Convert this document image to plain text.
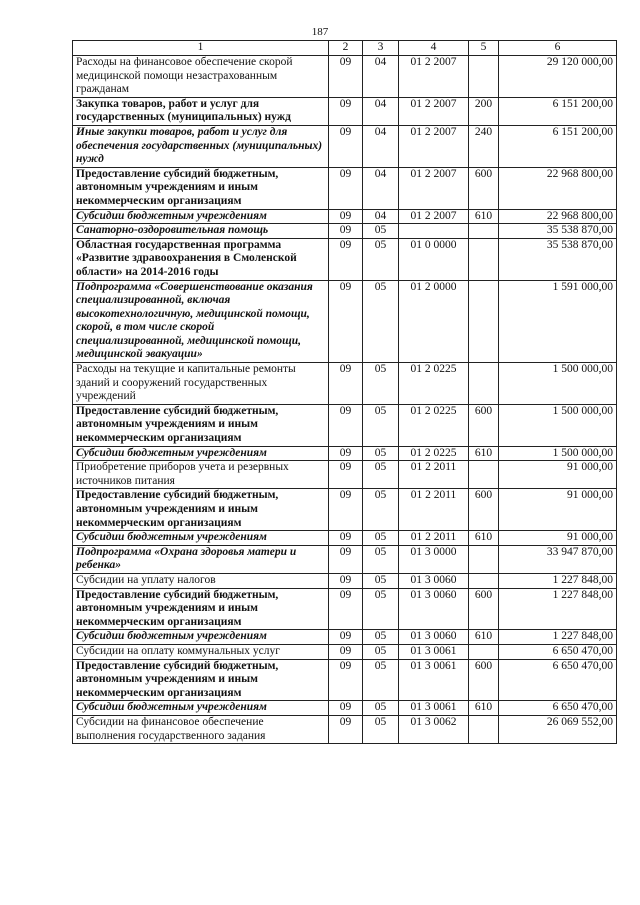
187
1	2	3	4	5	6
Расходы на финансовое обеспечение скорой медицинской помощи незастрахованным гражданам	09	04	01 2 2007		29 120 000,00
Закупка товаров, работ и услуг для государственных (муниципальных) нужд	09	04	01 2 2007	200	6 151 200,00
Иные закупки товаров, работ и услуг для обеспечения государственных (муниципальных) нужд	09	04	01 2 2007	240	6 151 200,00
Предоставление субсидий бюджетным, автономным учреждениям и иным некоммерческим организациям	09	04	01 2 2007	600	22 968 800,00
Субсидии бюджетным учреждениям	09	04	01 2 2007	610	22 968 800,00
Санаторно-оздоровительная помощь	09	05			35 538 870,00
Областная государственная программа «Развитие здравоохранения в Смоленской области» на 2014-2016 годы	09	05	01 0 0000		35 538 870,00
Подпрограмма «Совершенствование оказания специализированной, включая высокотехнологичную, медицинской помощи, скорой, в том числе скорой специализированной, медицинской помощи, медицинской эвакуации»	09	05	01 2 0000		1 591 000,00
Расходы на текущие и капитальные ремонты зданий и сооружений государственных учреждений	09	05	01 2 0225		1 500 000,00
Предоставление субсидий бюджетным, автономным учреждениям и иным некоммерческим организациям	09	05	01 2 0225	600	1 500 000,00
Субсидии бюджетным учреждениям	09	05	01 2 0225	610	1 500 000,00
Приобретение приборов учета и резервных источников питания	09	05	01 2 2011		91 000,00
Предоставление субсидий бюджетным, автономным учреждениям и иным некоммерческим организациям	09	05	01 2 2011	600	91 000,00
Субсидии бюджетным учреждениям	09	05	01 2 2011	610	91 000,00
Подпрограмма «Охрана здоровья матери и ребенка»	09	05	01 3 0000		33 947 870,00
Субсидии на уплату налогов	09	05	01 3 0060		1 227 848,00
Предоставление субсидий бюджетным, автономным учреждениям и иным некоммерческим организациям	09	05	01 3 0060	600	1 227 848,00
Субсидии бюджетным учреждениям	09	05	01 3 0060	610	1 227 848,00
Субсидии на оплату коммунальных услуг	09	05	01 3 0061		6 650 470,00
Предоставление субсидий бюджетным, автономным учреждениям и иным некоммерческим организациям	09	05	01 3 0061	600	6 650 470,00
Субсидии бюджетным учреждениям	09	05	01 3 0061	610	6 650 470,00
Субсидии на финансовое обеспечение выполнения государственного задания	09	05	01 3 0062		26 069 552,00
